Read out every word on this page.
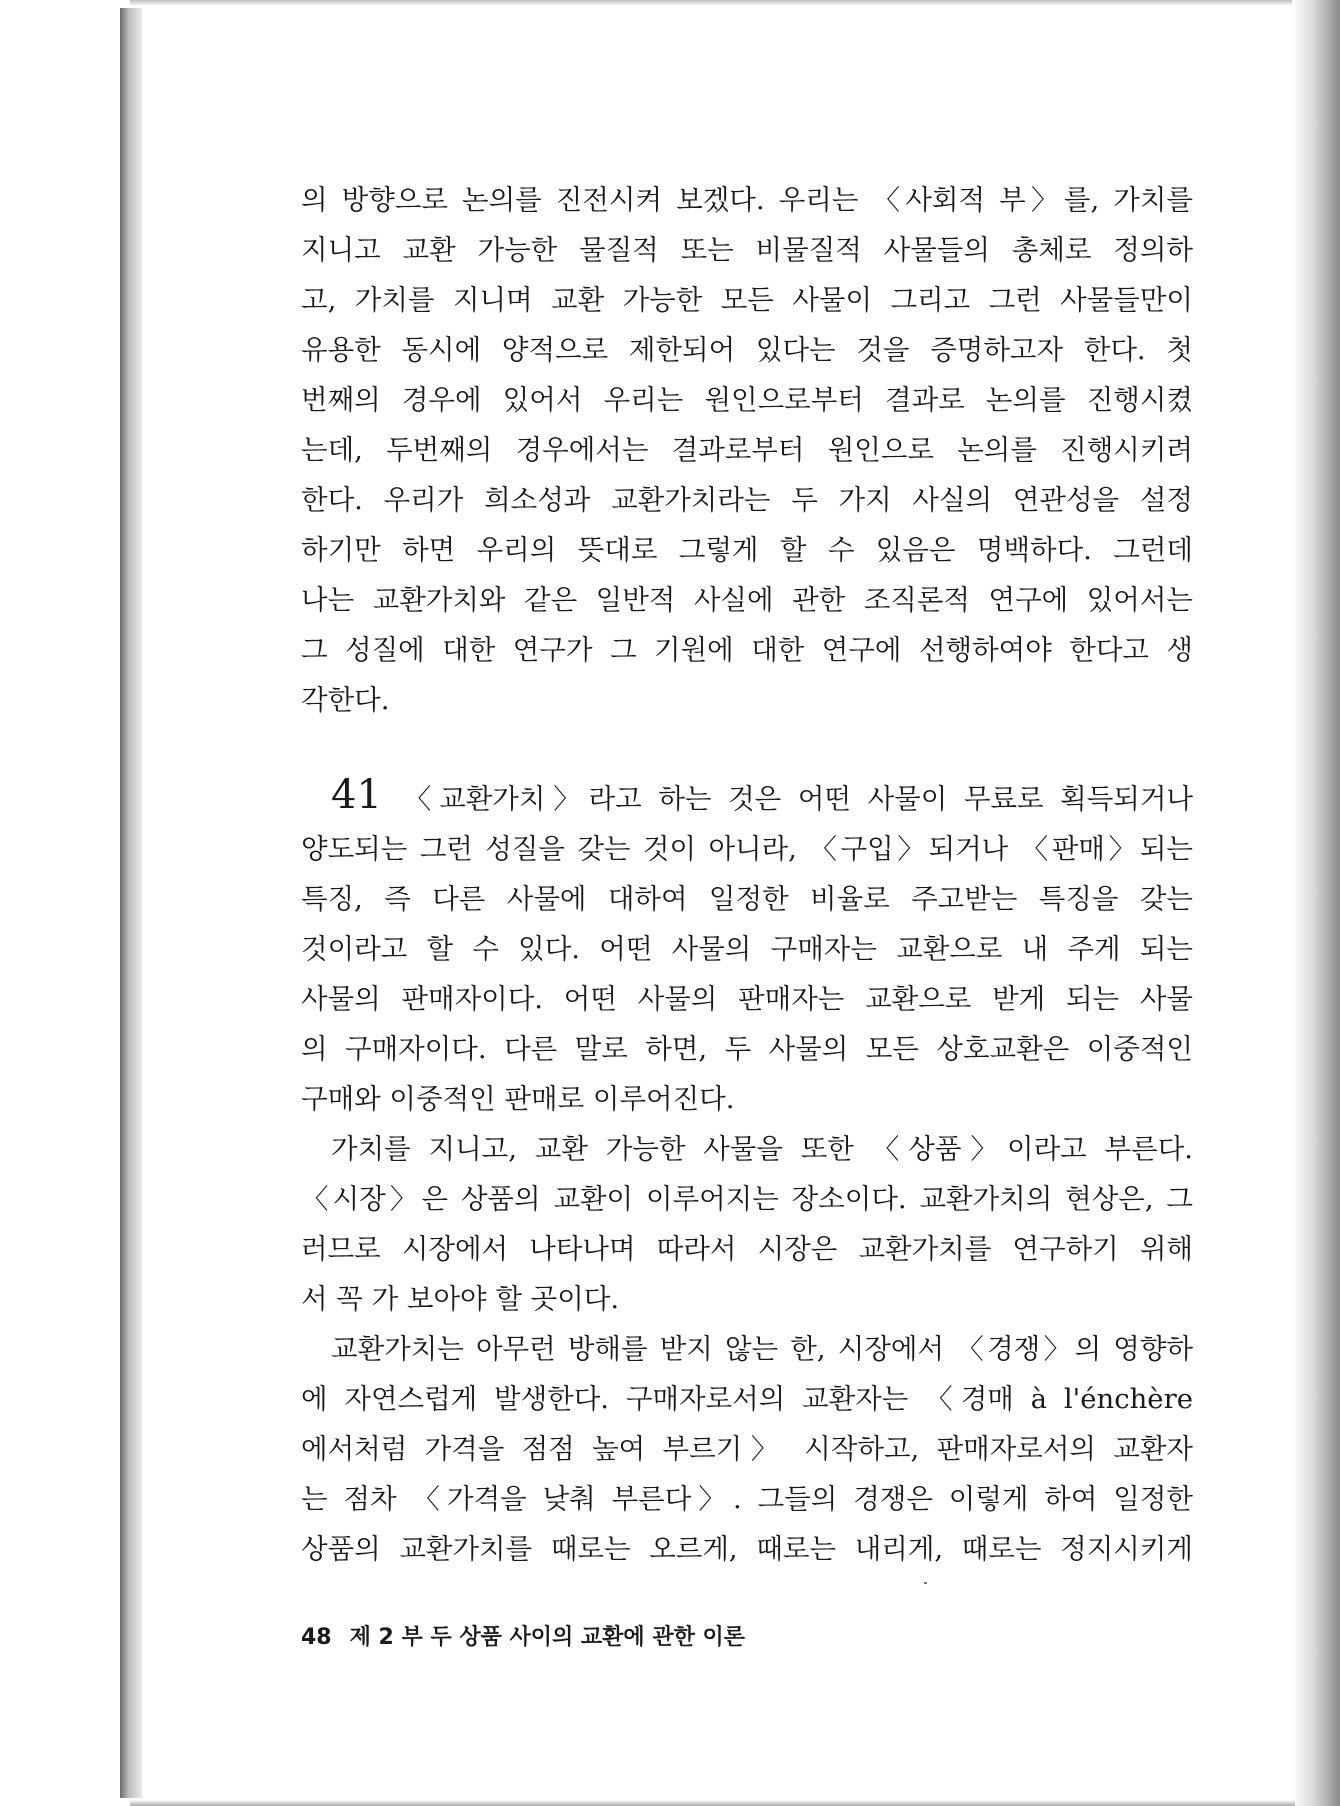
의 방향으로 논의를 진전시켜 보겠다. 우리는 〈사회적 부〉를, 가치를

지니고 교환 가능한 물질적 또는 비물질적 사물들의 총체로 정의하

고, 가치를 지니며 교환 가능한 모든 사물이 그리고 그런 사물들만이

유용한 동시에 양적으로 제한되어 있다는 것을 증명하고자 한다. 첫

번째의 경우에 있어서 우리는 원인으로부터 결과로 논의를 진행시켰

는데, 두번째의 경우에서는 결과로부터 원인으로 논의를 진행시키려

한다. 우리가 희소성과 교환가치라는 두 가지 사실의 연관성을 설정

하기만 하면 우리의 뜻대로 그렇게 할 수 있음은 명백하다. 그런데

나는 교환가치와 같은 일반적 사실에 관한 조직론적 연구에 있어서는

그 성질에 대한 연구가 그 기원에 대한 연구에 선행하여야 한다고 생

각한다.

41 〈교환가치〉라고 하는 것은 어떤 사물이 무료로 획득되거나

양도되는 그런 성질을 갖는 것이 아니라, 〈구입〉되거나 〈판매〉되는

특징, 즉 다른 사물에 대하여 일정한 비율로 주고받는 특징을 갖는

것이라고 할 수 있다. 어떤 사물의 구매자는 교환으로 내 주게 되는

사물의 판매자이다. 어떤 사물의 판매자는 교환으로 받게 되는 사물

의 구매자이다. 다른 말로 하면, 두 사물의 모든 상호교환은 이중적인

구매와 이중적인 판매로 이루어진다.

가치를 지니고, 교환 가능한 사물을 또한 〈상품〉이라고 부른다.

〈시장〉은 상품의 교환이 이루어지는 장소이다. 교환가치의 현상은, 그

러므로 시장에서 나타나며 따라서 시장은 교환가치를 연구하기 위해

서 꼭 가 보아야 할 곳이다.

교환가치는 아무런 방해를 받지 않는 한, 시장에서 〈경쟁〉의 영향하

에 자연스럽게 발생한다. 구매자로서의 교환자는 〈경매 à l'énchère

에서처럼 가격을 점점 높여 부르기〉 시작하고, 판매자로서의 교환자

는 점차 〈가격을 낮춰 부른다〉. 그들의 경쟁은 이렇게 하여 일정한

상품의 교환가치를 때로는 오르게, 때로는 내리게, 때로는 정지시키게

48 제 2 부 두 상품 사이의 교환에 관한 이론
